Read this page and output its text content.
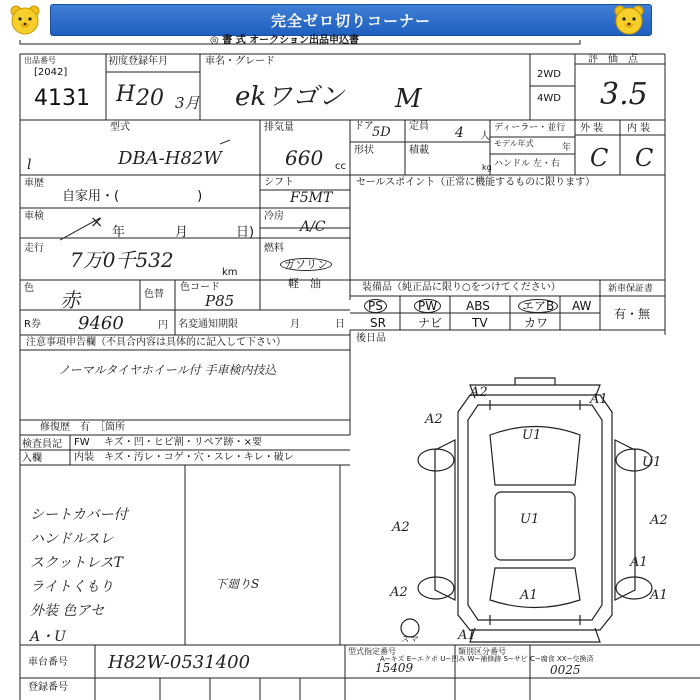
完全ゼロ切りコーナー
◎ 書 式 オークション出品申込書
出品番号
[2042]
4131
l
初度登録年月
H 20 3月
車名・グレード
ekワゴン M
評　価　点
2WD
4WD 3.5
型式
DBA-H82W
排気量
660 cc
ドア
5D 定員 4 人
形状	積載
kg
ディーラー・並行
モデル年式	年
ハンドル 左・右
外 装 内 装
C C
車歴
自家用・(　　　　　　)
シフト
F5MT
セールスポイント（正常に機能するものに限ります）
車検	×
年	月	日)
冷房
A/C
走行 7万0千532
km
燃料
ガソリン
軽　油
色 赤	色替
色コード
P85
装備品（純正品に限り○をつけてください）	新車保証書
有・無
PS	PW	ABS	エアB	AW
SR	ナビ TV	カワ
R券 9460	円 名変通知期限	月	日
後日品
注意事項申告欄（不具合内容は具体的に記入して下さい）
ノーマルタイヤホイール付 手車検内技込
修復歴　有　［箇所
検査員記入欄
FW キズ・凹・ヒビ割・リペア跡・×要
内装 キズ・汚レ・コゲ・穴・スレ・キレ・破レ
シートカバー付
ハンドルスレ
スクットレスT
ライトくもり
外装 色アセ
A・U
下廻りS
A2	A1
A2
U1
U1
A2
U1	A2
A1
A2	A1	A1
A1
スマ
A−キズ E−エクボ U−凹み W−補修跡 S−サビ C−腐食 XX−交換済
車台番号 H82W-0531400
型式指定番号
15409
類別区分番号
0025
登録番号
